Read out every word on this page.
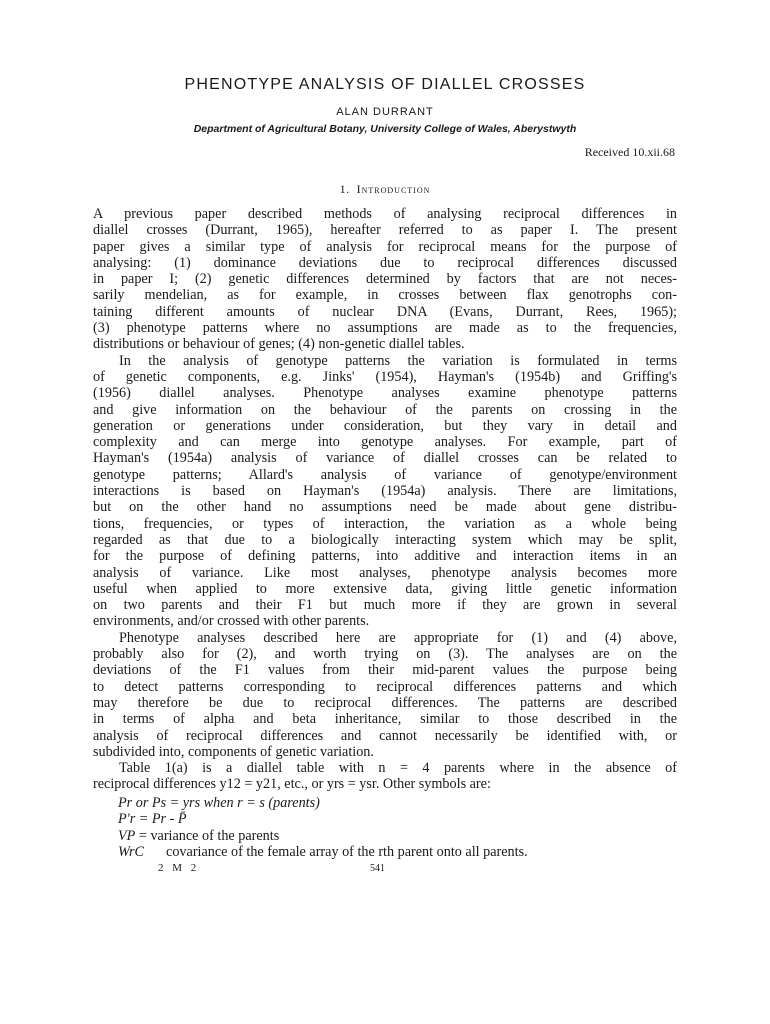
PHENOTYPE ANALYSIS OF DIALLEL CROSSES
ALAN DURRANT
Department of Agricultural Botany, University College of Wales, Aberystwyth
Received 10.xii.68
1. Introduction
A previous paper described methods of analysing reciprocal differences in
diallel crosses (Durrant, 1965), hereafter referred to as paper I. The present
paper gives a similar type of analysis for reciprocal means for the purpose of
analysing: (1) dominance deviations due to reciprocal differences discussed
in paper I; (2) genetic differences determined by factors that are not neces-
sarily mendelian, as for example, in crosses between flax genotrophs con-
taining different amounts of nuclear DNA (Evans, Durrant, Rees, 1965);
(3) phenotype patterns where no assumptions are made as to the frequencies,
distributions or behaviour of genes; (4) non-genetic diallel tables.
In the analysis of genotype patterns the variation is formulated in terms
of genetic components, e.g. Jinks' (1954), Hayman's (1954b) and Griffing's
(1956) diallel analyses. Phenotype analyses examine phenotype patterns
and give information on the behaviour of the parents on crossing in the
generation or generations under consideration, but they vary in detail and
complexity and can merge into genotype analyses. For example, part of
Hayman's (1954a) analysis of variance of diallel crosses can be related to
genotype patterns; Allard's analysis of variance of genotype/environment
interactions is based on Hayman's (1954a) analysis. There are limitations,
but on the other hand no assumptions need be made about gene distribu-
tions, frequencies, or types of interaction, the variation as a whole being
regarded as that due to a biologically interacting system which may be split,
for the purpose of defining patterns, into additive and interaction items in an
analysis of variance. Like most analyses, phenotype analysis becomes more
useful when applied to more extensive data, giving little genetic information
on two parents and their F1 but much more if they are grown in several
environments, and/or crossed with other parents.
Phenotype analyses described here are appropriate for (1) and (4) above,
probably also for (2), and worth trying on (3). The analyses are on the
deviations of the F1 values from their mid-parent values the purpose being
to detect patterns corresponding to reciprocal differences patterns and which
may therefore be due to reciprocal differences. The patterns are described
in terms of alpha and beta inheritance, similar to those described in the
analysis of reciprocal differences and cannot necessarily be identified with, or
subdivided into, components of genetic variation.
Table 1(a) is a diallel table with n = 4 parents where in the absence of
reciprocal differences y12 = y21, etc., or yrs = ysr. Other symbols are:
Pr or Ps = yrs when r = s (parents)
P'r = Pr - P̄
VP = variance of the parents
WrC covariance of the female array of the rth parent onto all parents.
2 M 2	541
